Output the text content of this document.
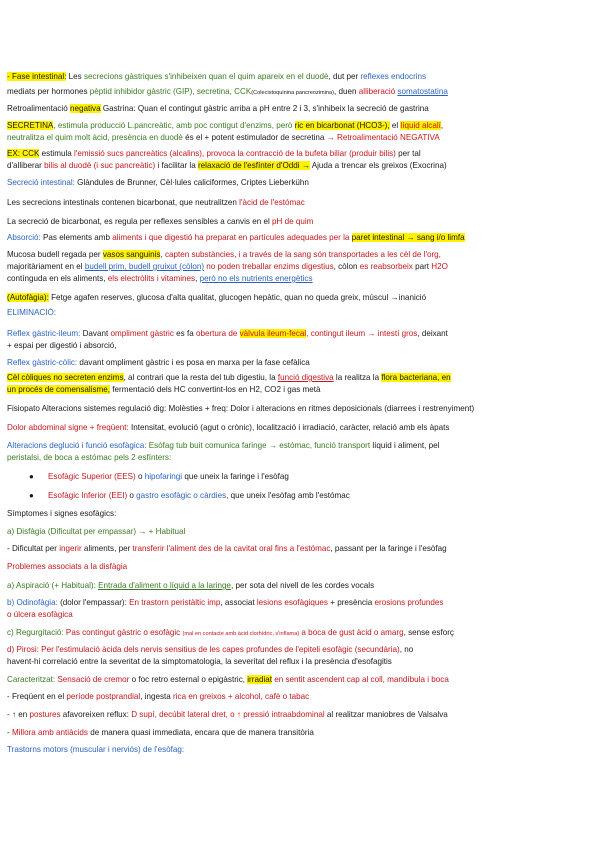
- Fase intestinal: Les secrecions gàstriques s'inhibeixen quan el quim apareix en el duodè, dut per reflexes endocrins
mediats per hormones pèptid inhibidor gàstric (GIP), secretina, CCK(Colecistoquinina pancreozimina), duen alliberació somatostatina
Retroalimentació negativa Gastrina: Quan el contingut gàstric arriba a pH entre 2 i 3, s'inhibeix la secreció de gastrina
SECRETINA, estimula producció L.pancreàtic, amb poc contigut d'enzims, però ric en bicarbonat (HCO3-), el líquid alcalí,
neutralitza el quim molt àcid, presència en duodè és el + potent estimulador de secretina → Retroalimentació NEGATIVA
EX: CCK estimula l'emissió sucs pancreàtics (alcalins), provoca la contracció de la bufeta biliar (produir bilis) per tal
d'alliberar bilis al duodè (i suc pancreàtic) i facilitar la relaxació de l'esfínter d'Oddi → Ajuda a trencar els greixos (Exocrina)
Secreció intestinal: Glàndules de Brunner, Cèl·lules caliciformes, Criptes Lieberkühn
Les secrecions intestinals contenen bicarbonat, que neutralitzen l'àcid de l'estómac
La secreció de bicarbonat, es regula per reflexes sensibles a canvis en el pH de quim
Absorció: Pas elements amb aliments i que digestió ha preparat en partícules adequades per la paret intestinal → sang i/o limfa
Mucosa budell regada per vasos sanguinis, capten substàncies, i a través de la sang són transportades a les cèl de l'org,
majoritàriament en el budell prim, budell gruixut (còlon) no poden treballar enzims digestius, còlon es reabsorbeix part H2O
contínguda en els aliments, els electròlits i vitamines, però no els nutrients energètics
(Autofàgia): Fetge agafen reserves, glucosa d'alta qualitat, glucogen hepàtic, quan no queda greix, múscul →inanició
ELIMINACIÓ:
Reflex gàstric-ileum: Davant ompliment gàstric es fa obertura de vàlvula ileum-fecal, contingut ileum → intestí gros, deixant
+ espai per digestió i absorció,
Reflex gàstric-còlic: davant ompliment gàstric i es posa en marxa per la fase cefàlica
Cèl còliques no secreten enzims, al contrari que la resta del tub digestiu, la funció digestiva la realitza la flora bacteriana, en
un procés de comensalisme, fermentació dels HC convertint-los en H2, CO2 i gas metà
Fisiopato Alteracions sistemes regulació dig: Molèsties + freq: Dolor i alteracions en ritmes deposicionals (diarrees i restrenyiment)
Dolor abdominal signe + freqüent: Intensitat, evolució (agut o crònic), localització i irradiació, caràcter, relació amb els àpats
Alteracions deglució i funció esofàgica: Esòfag tub buit comunica faringe → estómac, funció transport líquid i aliment, pel
peristalsi, de boca a estómac pels 2 esfínters:
● Esofàgic Superior (EES) o hipofaringi que uneix la faringe i l'esòfag
● Esofàgic Inferior (EEI) o gastro esofàgic o càrdies, que uneix l'esòfag amb l'estómac
Símptomes i signes esofàgics:
a) Disfàgia (Dificultat per empassar) → + Habitual
- Dificultat per ingerir aliments, per transferir l'aliment des de la cavitat oral fins a l'estómac, passant per la faringe i l'esòfag
Problemes associats a la disfàgia
a) Aspiració (+ Habitual): Entrada d'aliment o líquid a la laringe, per sota del nivell de les cordes vocals
b) Odinofàgia: (dolor l'empassar): En trastorn peristàltic imp, associat lesions esofàgiques + presència erosions profundes
o úlcera esofàgica
c) Regurgitació: Pas contingut gàstric o esofàgic (mal en contacte amb àcid clorhídric, s'inflama) a boca de gust àcid o amarg, sense esforç
d) Pirosi: Per l'estimulació àcida dels nervis sensitius de les capes profundes de l'epiteli esofàgic (secundària), no
havent-hi correlació entre la severitat de la simptomatologia, la severitat del reflux i la presència d'esofagitis
Caracteritzat: Sensació de cremor o foc retro esternal o epigàstric, irradiat en sentit ascendent cap al coll, mandíbula i boca
- Freqüent en el període postprandial, ingesta rica en greixos + alcohol, cafè o tabac
- ↑ en postures afavoreixen reflux: D supí, decúbit lateral dret, o ↑ pressió intraabdominal al realitzar maniobres de Valsalva
- Millora amb antiàcids de manera quasi immediata, encara que de manera transitòria
Trastorns motors (muscular i nerviós) de l'esòfag:
